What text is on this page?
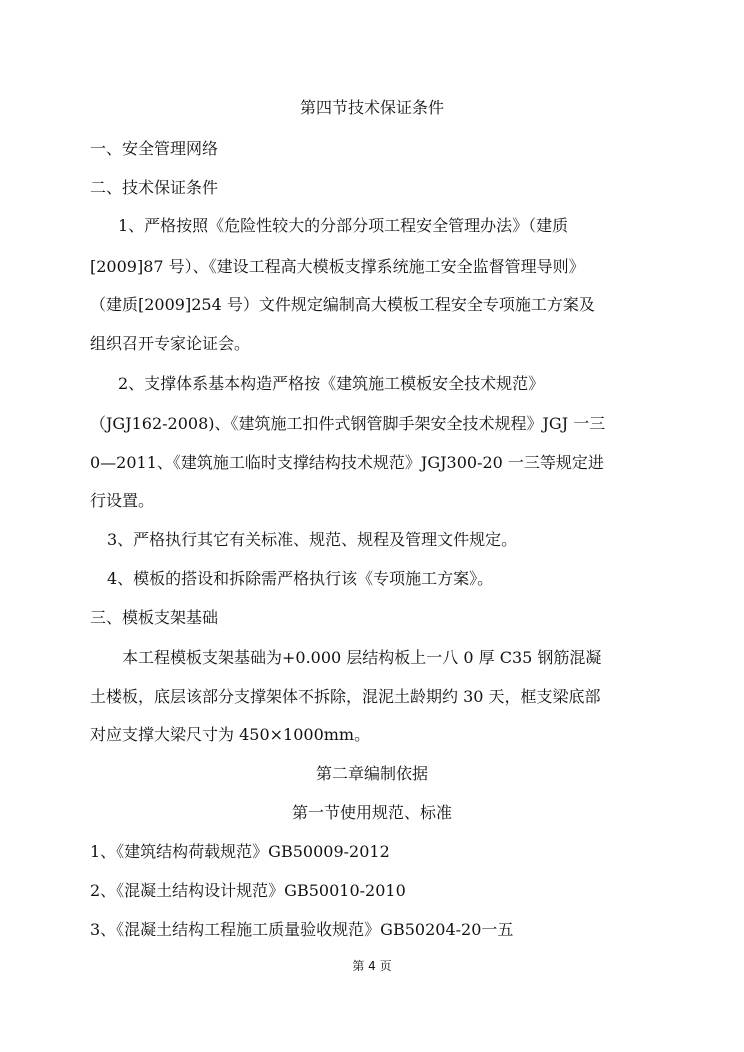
第四节技术保证条件
一、安全管理网络
二、技术保证条件
1、严格按照《危险性较大的分部分项工程安全管理办法》（建质
[2009]87 号）、《建设工程高大模板支撑系统施工安全监督管理导则》
（建质[2009]254 号）文件规定编制高大模板工程安全专项施工方案及
组织召开专家论证会。
2、支撑体系基本构造严格按《建筑施工模板安全技术规范》
（JGJ162-2008)、《建筑施工扣件式钢管脚手架安全技术规程》JGJ 一三
0—2011、《建筑施工临时支撑结构技术规范》JGJ300-20 一三等规定进
行设置。
3、严格执行其它有关标准、规范、规程及管理文件规定。
4、模板的搭设和拆除需严格执行该《专项施工方案》。
三、模板支架基础
本工程模板支架基础为+0.000 层结构板上一八 0 厚 C35 钢筋混凝
土楼板，底层该部分支撑架体不拆除，混泥土龄期约 30 天，框支梁底部
对应支撑大梁尺寸为 450×1000mm。
第二章编制依据
第一节使用规范、标准
1、《建筑结构荷载规范》GB50009-2012
2、《混凝土结构设计规范》GB50010-2010
3、《混凝土结构工程施工质量验收规范》GB50204-20一五
第 4 页
